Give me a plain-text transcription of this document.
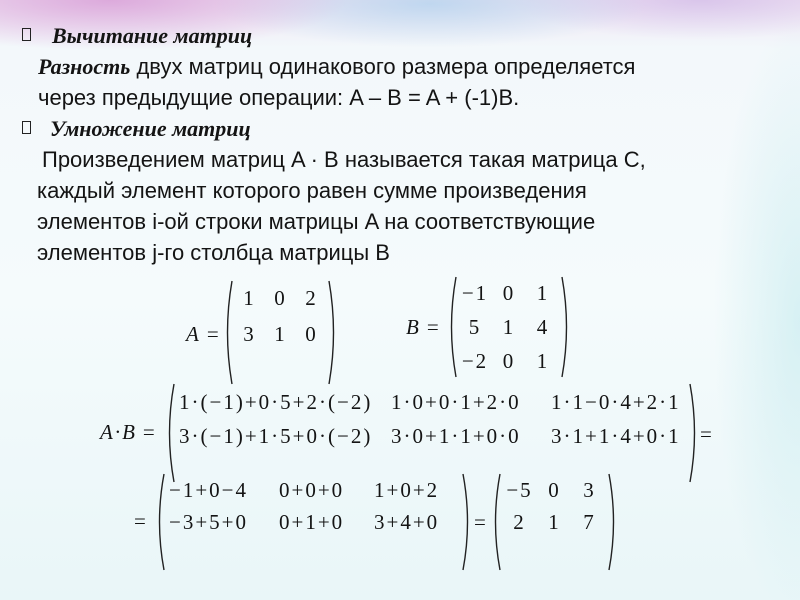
Вычитание матриц
Разность двух матриц одинакового размера определяется
через предыдущие операции: A – B = A + (-1)B.
Умножение матриц
Произведением матриц A · B называется такая матрица C,
каждый элемент которого равен сумме произведения
элементов i-ой строки матрицы A на соответствующие
элементов j-го столбца матрицы B
A =
1 0 2
3 1 0	B =
−1 0	1
5	1	4
−2 0	1
A·B =
1·(−1)+0·5+2·(−2) 1·0+0·1+2·0	1·1−0·4+2·1
3·(−1)+1·5+0·(−2) 3·0+1·1+0·0	3·1+1·4+0·1 =
=
−1+0−4	0+0+0	1+0+2
−3+5+0	0+1+0	3+4+0	=
−5 0	3
2	1	7
